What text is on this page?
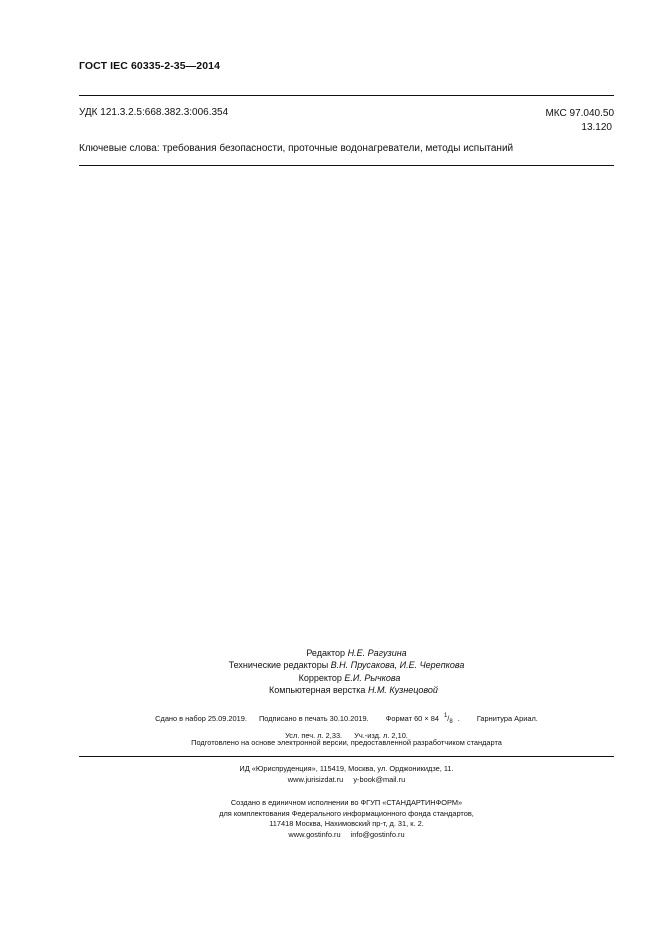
ГОСТ IEC 60335-2-35—2014
УДК 121.3.2.5:668.382.3:006.354	МКС 97.040.50
13.120
Ключевые слова: требования безопасности, проточные водонагреватели, методы испытаний
Редактор Н.Е. Рагузина
Технические редакторы В.Н. Прусакова, И.Е. Черепкова
Корректор Е.И. Рычкова
Компьютерная верстка Н.М. Кузнецовой
Сдано в набор 25.09.2019. Подписано в печать 30.10.2019. Формат 60 × 84 $^1/_8$ . Гарнитура Ариал.
Усл. печ. л. 2,33. Уч.-изд. л. 2,10.
Подготовлено на основе электронной версии, предоставленной разработчиком стандарта
ИД «Юриспруденция», 115419, Москва, ул. Орджоникидзе, 11.
www.jurisizdat.ru y-book@mail.ru
Создано в единичном исполнении во ФГУП «СТАНДАРТИНФОРМ»
для комплектования Федерального информационного фонда стандартов,
117418 Москва, Нахимовский пр-т, д. 31, к. 2.
www.gostinfo.ru info@gostinfo.ru
